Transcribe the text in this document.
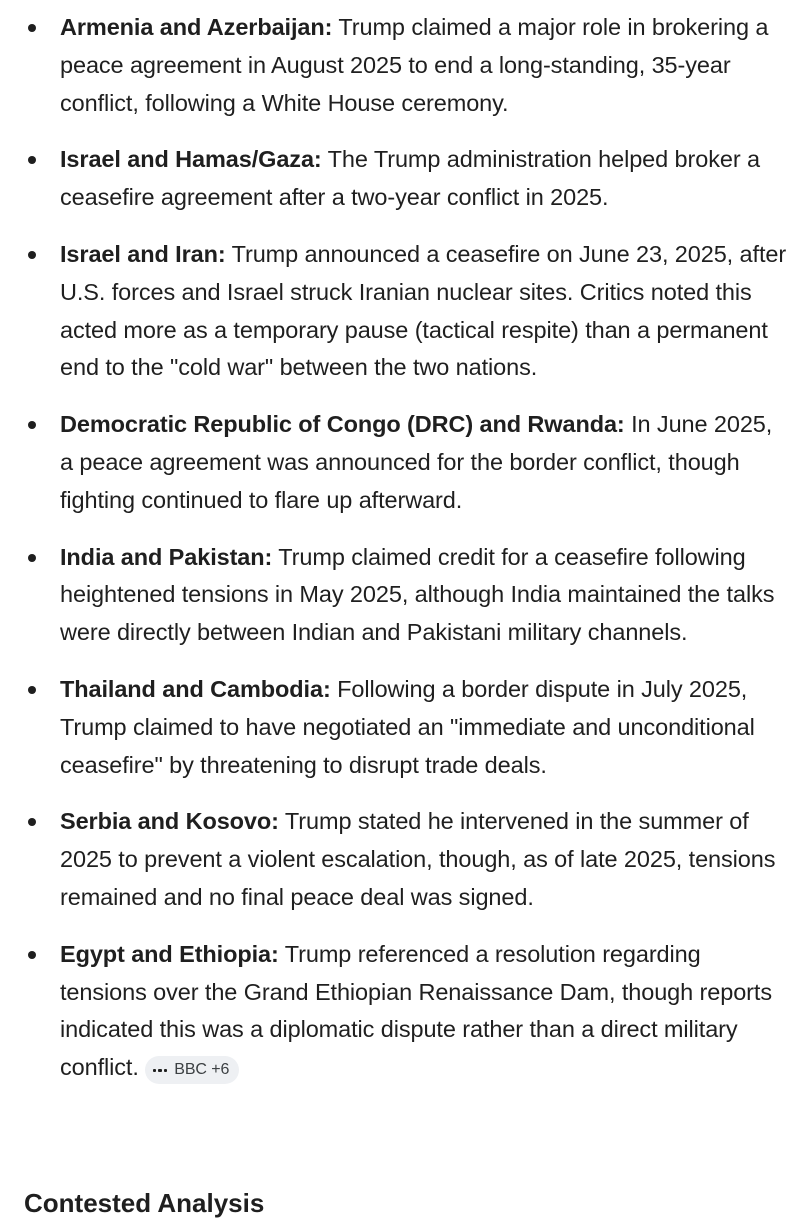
Armenia and Azerbaijan: Trump claimed a major role in brokering a peace agreement in August 2025 to end a long-standing, 35-year conflict, following a White House ceremony.
Israel and Hamas/Gaza: The Trump administration helped broker a ceasefire agreement after a two-year conflict in 2025.
Israel and Iran: Trump announced a ceasefire on June 23, 2025, after U.S. forces and Israel struck Iranian nuclear sites. Critics noted this acted more as a temporary pause (tactical respite) than a permanent end to the "cold war" between the two nations.
Democratic Republic of Congo (DRC) and Rwanda: In June 2025, a peace agreement was announced for the border conflict, though fighting continued to flare up afterward.
India and Pakistan: Trump claimed credit for a ceasefire following heightened tensions in May 2025, although India maintained the talks were directly between Indian and Pakistani military channels.
Thailand and Cambodia: Following a border dispute in July 2025, Trump claimed to have negotiated an "immediate and unconditional ceasefire" by threatening to disrupt trade deals.
Serbia and Kosovo: Trump stated he intervened in the summer of 2025 to prevent a violent escalation, though, as of late 2025, tensions remained and no final peace deal was signed.
Egypt and Ethiopia: Trump referenced a resolution regarding tensions over the Grand Ethiopian Renaissance Dam, though reports indicated this was a diplomatic dispute rather than a direct military conflict. BBC +6
Contested Analysis
